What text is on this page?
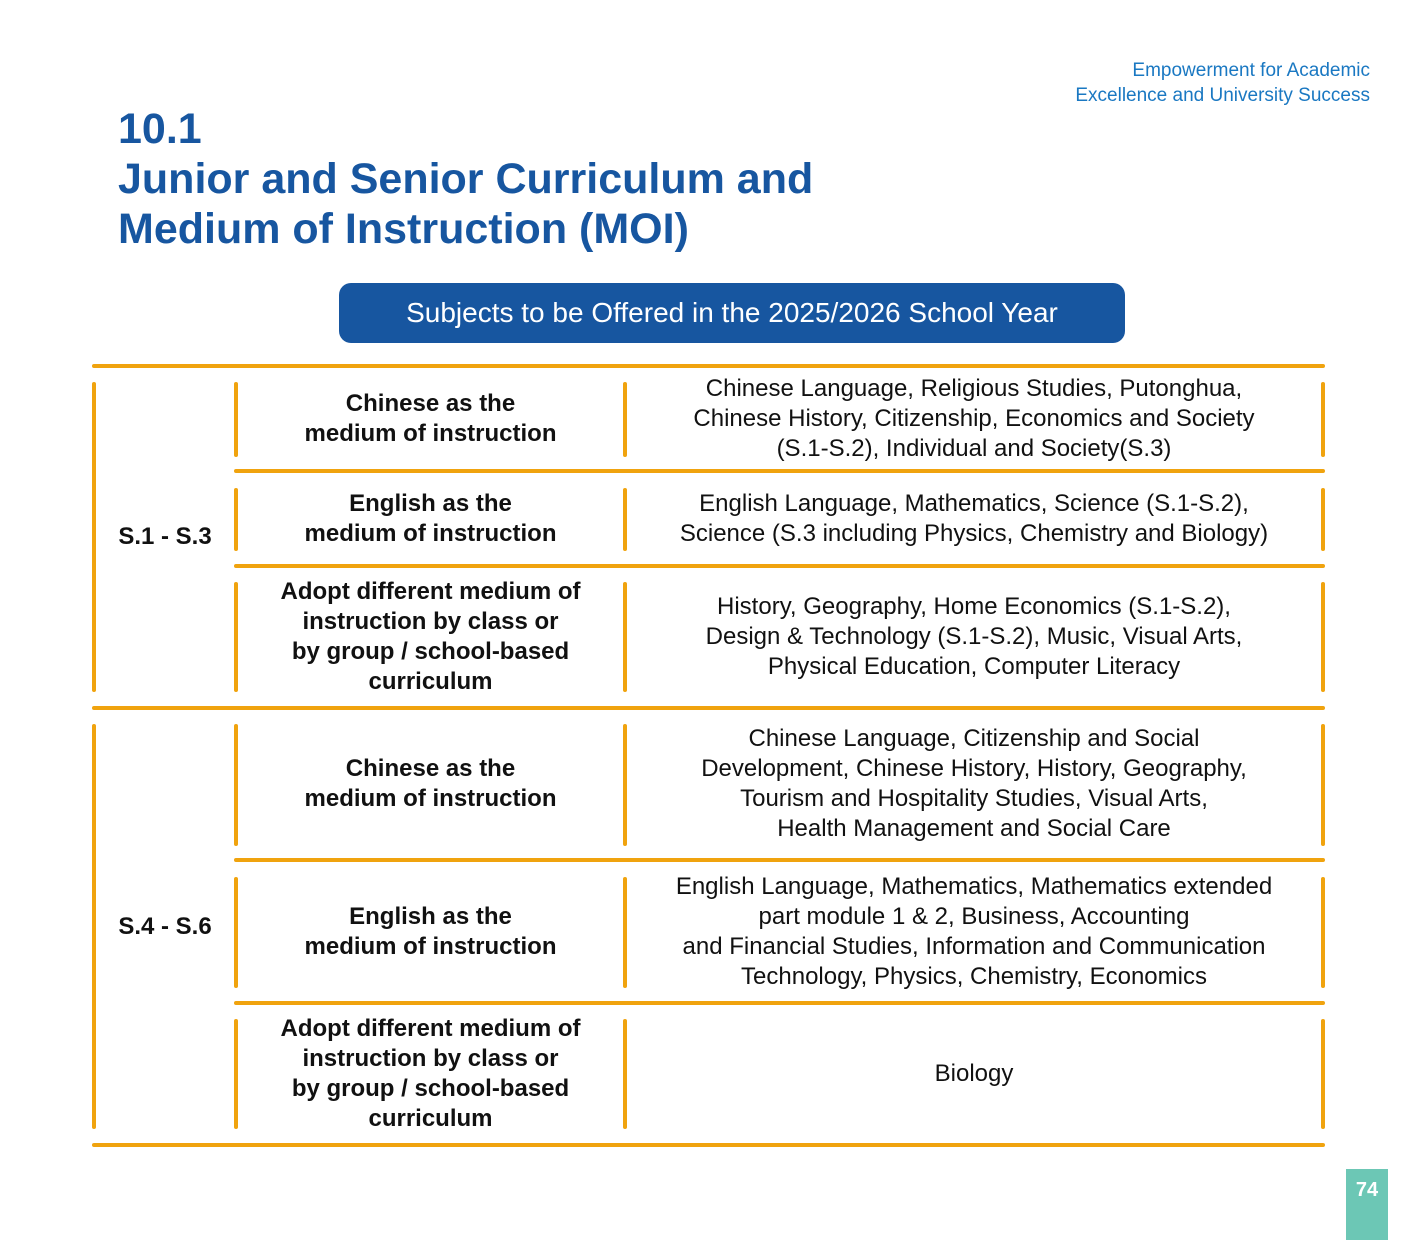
Empowerment for Academic
Excellence and University Success
10.1
Junior and Senior Curriculum and
Medium of Instruction (MOI)
Subjects to be Offered in the 2025/2026 School Year
S.1 - S.3
S.4 - S.6
Chinese as the
medium of instruction
Chinese Language, Religious Studies, Putonghua,
Chinese History, Citizenship, Economics and Society
(S.1-S.2), Individual and Society(S.3)
English as the
medium of instruction
English Language, Mathematics, Science (S.1-S.2),
Science (S.3 including Physics, Chemistry and Biology)
Adopt different medium of
instruction by class or
by group / school-based
curriculum
History, Geography, Home Economics (S.1-S.2),
Design & Technology (S.1-S.2), Music, Visual Arts,
Physical Education, Computer Literacy
Chinese as the
medium of instruction
Chinese Language, Citizenship and Social
Development, Chinese History, History, Geography,
Tourism and Hospitality Studies, Visual Arts,
Health Management and Social Care
English as the
medium of instruction
English Language, Mathematics, Mathematics extended
part module 1 & 2, Business, Accounting
and Financial Studies, Information and Communication
Technology, Physics, Chemistry, Economics
Adopt different medium of
instruction by class or
by group / school-based
curriculum
Biology
74
